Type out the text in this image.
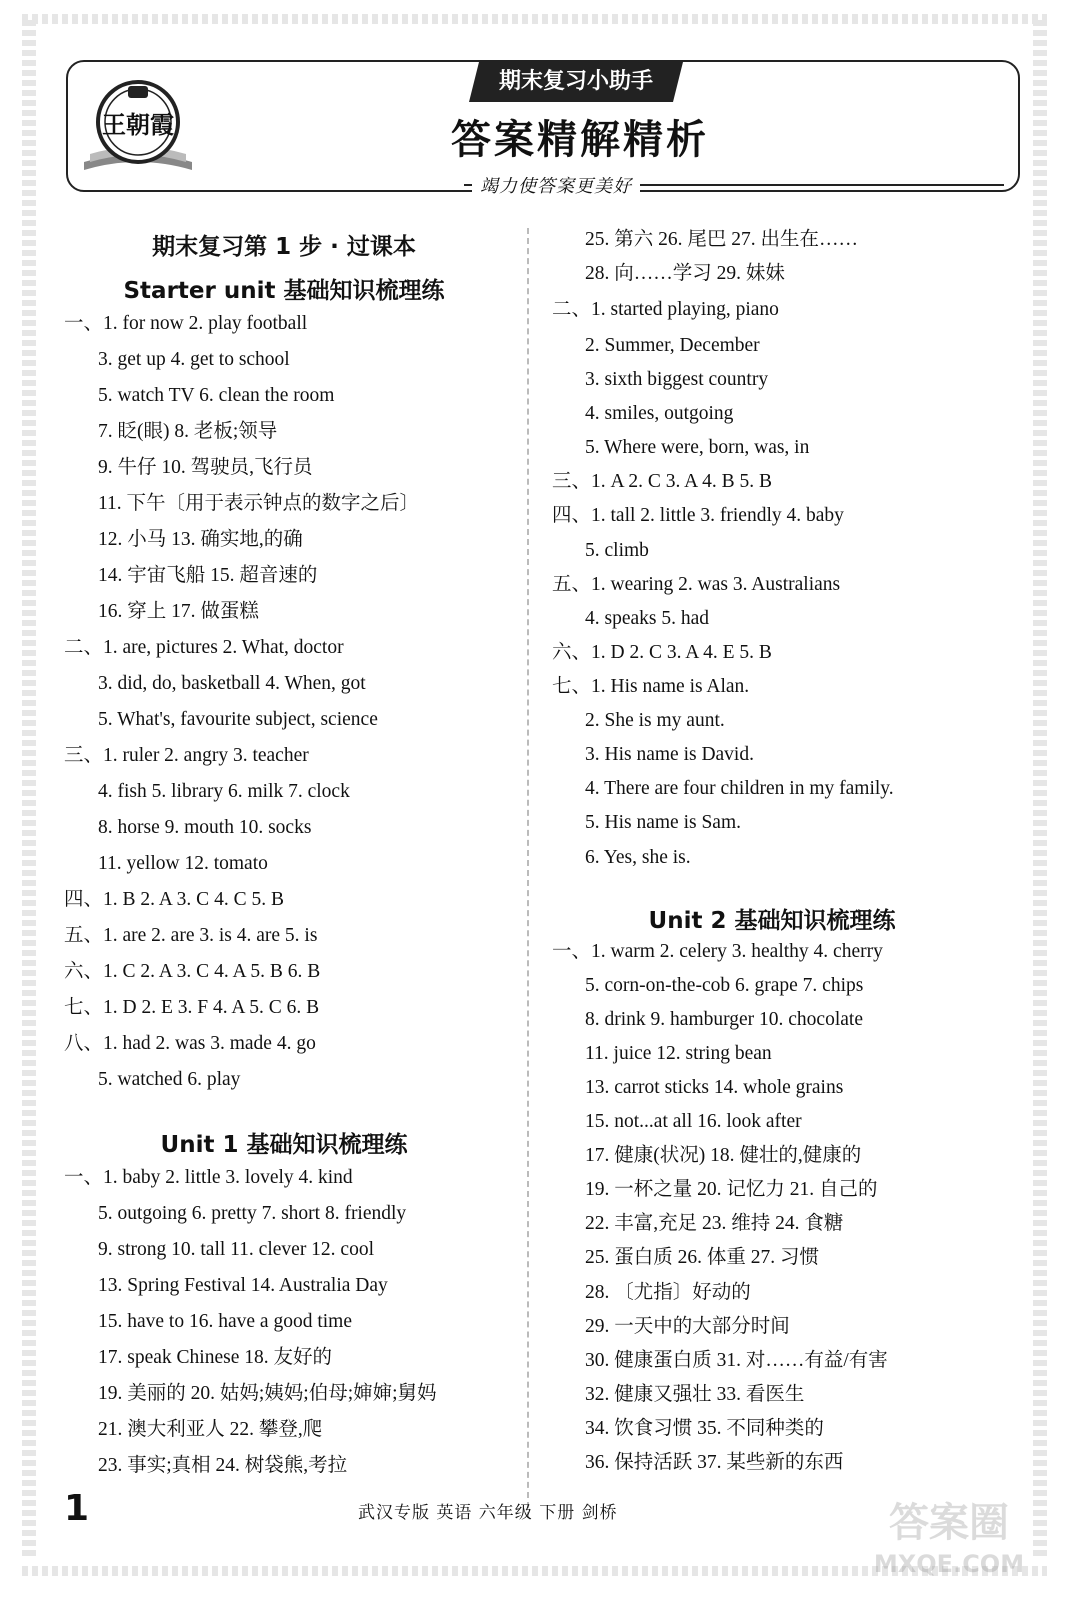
王朝霞
期末复习小助手
答案精解精析
竭力使答案更美好
期末复习第 1 步 · 过课本
Starter unit 基础知识梳理练
一、1. for now 2. play football
3. get up 4. get to school
5. watch TV 6. clean the room
7. 眨(眼) 8. 老板;领导
9. 牛仔 10. 驾驶员,飞行员
11. 下午〔用于表示钟点的数字之后〕
12. 小马 13. 确实地,的确
14. 宇宙飞船 15. 超音速的
16. 穿上 17. 做蛋糕
二、1. are, pictures 2. What, doctor
3. did, do, basketball 4. When, got
5. What's, favourite subject, science
三、1. ruler 2. angry 3. teacher
4. fish 5. library 6. milk 7. clock
8. horse 9. mouth 10. socks
11. yellow 12. tomato
四、1. B 2. A 3. C 4. C 5. B
五、1. are 2. are 3. is 4. are 5. is
六、1. C 2. A 3. C 4. A 5. B 6. B
七、1. D 2. E 3. F 4. A 5. C 6. B
八、1. had 2. was 3. made 4. go
5. watched 6. play
Unit 1 基础知识梳理练
一、1. baby 2. little 3. lovely 4. kind
5. outgoing 6. pretty 7. short 8. friendly
9. strong 10. tall 11. clever 12. cool
13. Spring Festival 14. Australia Day
15. have to 16. have a good time
17. speak Chinese 18. 友好的
19. 美丽的 20. 姑妈;姨妈;伯母;婶婶;舅妈
21. 澳大利亚人 22. 攀登,爬
23. 事实;真相 24. 树袋熊,考拉
25. 第六 26. 尾巴 27. 出生在……
28. 向……学习 29. 妹妹
二、1. started playing, piano
2. Summer, December
3. sixth biggest country
4. smiles, outgoing
5. Where were, born, was, in
三、1. A 2. C 3. A 4. B 5. B
四、1. tall 2. little 3. friendly 4. baby
5. climb
五、1. wearing 2. was 3. Australians
4. speaks 5. had
六、1. D 2. C 3. A 4. E 5. B
七、1. His name is Alan.
2. She is my aunt.
3. His name is David.
4. There are four children in my family.
5. His name is Sam.
6. Yes, she is.
Unit 2 基础知识梳理练
一、1. warm 2. celery 3. healthy 4. cherry
5. corn-on-the-cob 6. grape 7. chips
8. drink 9. hamburger 10. chocolate
11. juice 12. string bean
13. carrot sticks 14. whole grains
15. not...at all 16. look after
17. 健康(状况) 18. 健壮的,健康的
19. 一杯之量 20. 记忆力 21. 自己的
22. 丰富,充足 23. 维持 24. 食糖
25. 蛋白质 26. 体重 27. 习惯
28. 〔尤指〕好动的
29. 一天中的大部分时间
30. 健康蛋白质 31. 对……有益/有害
32. 健康又强壮 33. 看医生
34. 饮食习惯 35. 不同种类的
36. 保持活跃 37. 某些新的东西
1	武汉专版 英语 六年级 下册 剑桥	答案圈
MXQE.COM
